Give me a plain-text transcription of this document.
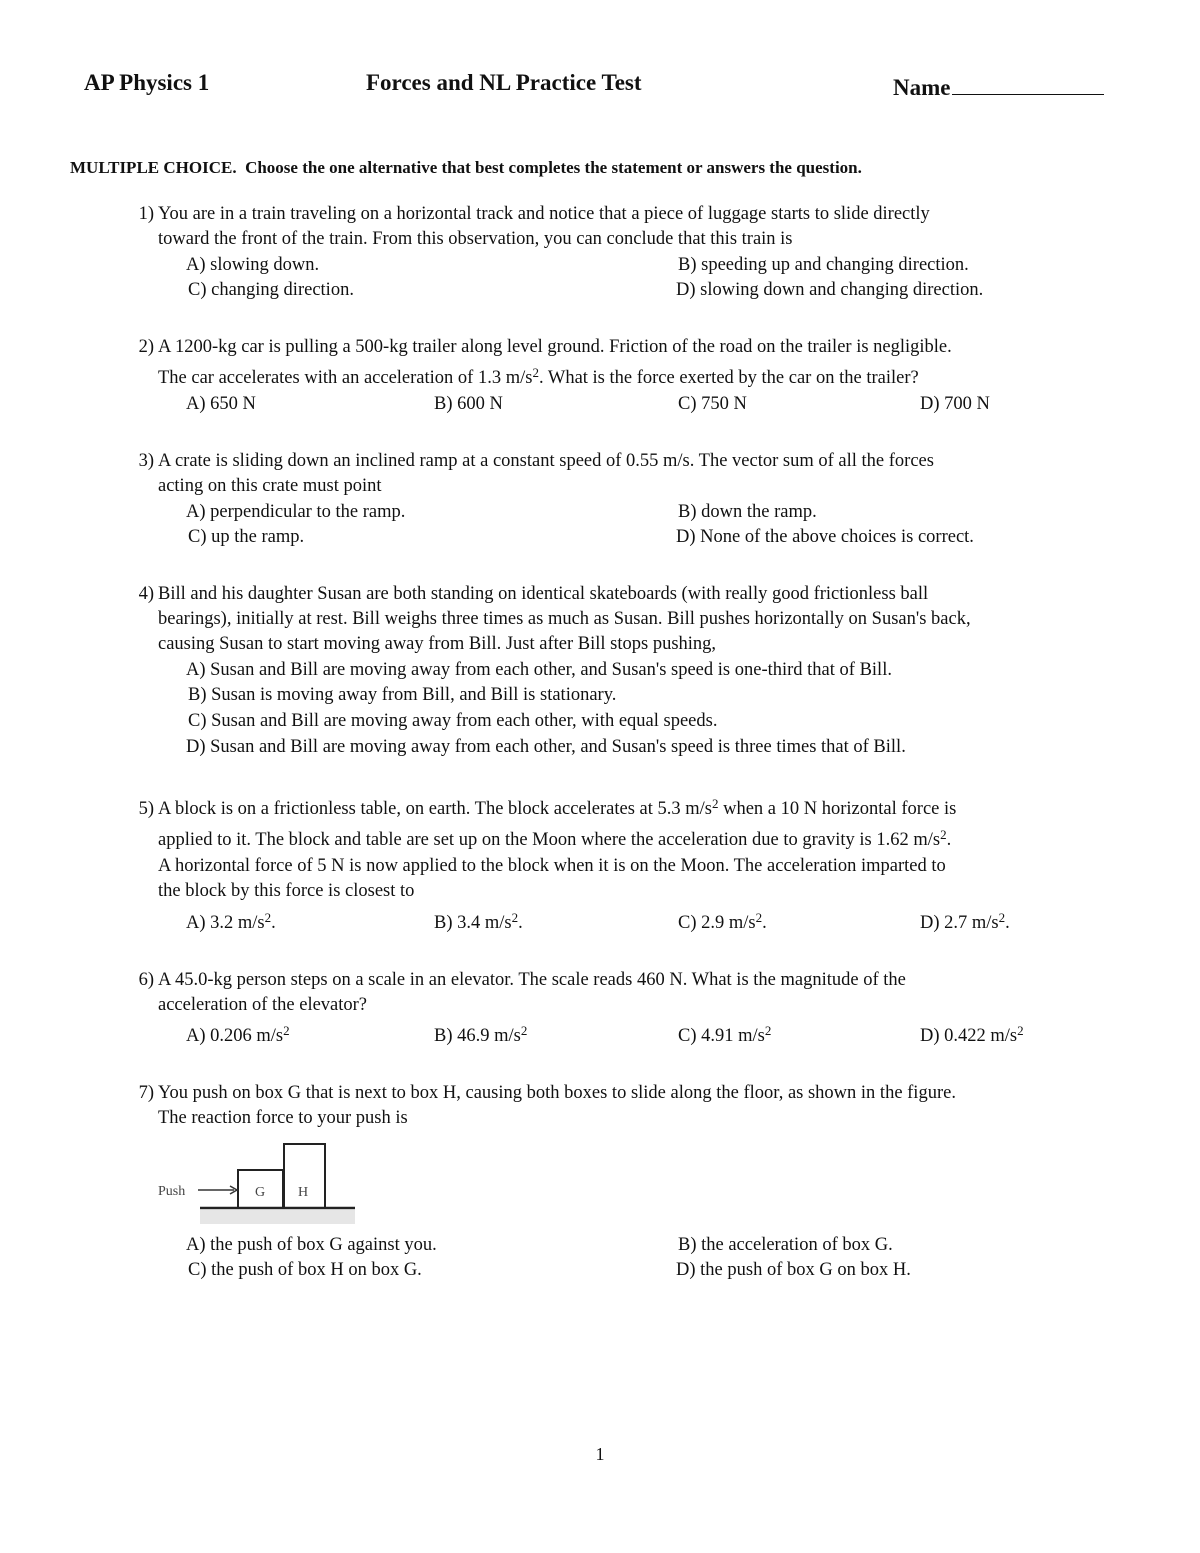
AP Physics 1	Forces and NL Practice Test	Name
MULTIPLE CHOICE. Choose the one alternative that best completes the statement or answers the question.
1) You are in a train traveling on a horizontal track and notice that a piece of luggage starts to slide directly
toward the front of the train. From this observation, you can conclude that this train is
A) slowing down.	B) speeding up and changing direction.
C) changing direction.	D) slowing down and changing direction.
2) A 1200-kg car is pulling a 500-kg trailer along level ground. Friction of the road on the trailer is negligible.
The car accelerates with an acceleration of 1.3 $m/s^2$. What is the force exerted by the car on the trailer?
A) 650 N	B) 600 N	C) 750 N	D) 700 N
3) A crate is sliding down an inclined ramp at a constant speed of 0.55 m/s. The vector sum of all the forces
acting on this crate must point
A) perpendicular to the ramp.	B) down the ramp.
C) up the ramp.	D) None of the above choices is correct.
4) Bill and his daughter Susan are both standing on identical skateboards (with really good frictionless ball
bearings), initially at rest. Bill weighs three times as much as Susan. Bill pushes horizontally on Susan's back,
causing Susan to start moving away from Bill. Just after Bill stops pushing,
A) Susan and Bill are moving away from each other, and Susan's speed is one-third that of Bill.
B) Susan is moving away from Bill, and Bill is stationary.
C) Susan and Bill are moving away from each other, with equal speeds.
D) Susan and Bill are moving away from each other, and Susan's speed is three times that of Bill.
5) A block is on a frictionless table, on earth. The block accelerates at 5.3 $m/s^2$ when a 10 N horizontal force is
applied to it. The block and table are set up on the Moon where the acceleration due to gravity is 1.62 $m/s^2$.
A horizontal force of 5 N is now applied to the block when it is on the Moon. The acceleration imparted to
the block by this force is closest to
A) 3.2 $m/s^2$.	B) 3.4 $m/s^2$.	C) 2.9 $m/s^2$.	D) 2.7 $m/s^2$.
6) A 45.0-kg person steps on a scale in an elevator. The scale reads 460 N. What is the magnitude of the
acceleration of the elevator?
A) 0.206 $m/s^2$	B) 46.9 $m/s^2$	C) 4.91 $m/s^2$	D) 0.422 $m/s^2$
7) You push on box G that is next to box H, causing both boxes to slide along the floor, as shown in the figure.
The reaction force to your push is
Push	G H
A) the push of box G against you.	B) the acceleration of box G.
C) the push of box H on box G.	D) the push of box G on box H.
1
